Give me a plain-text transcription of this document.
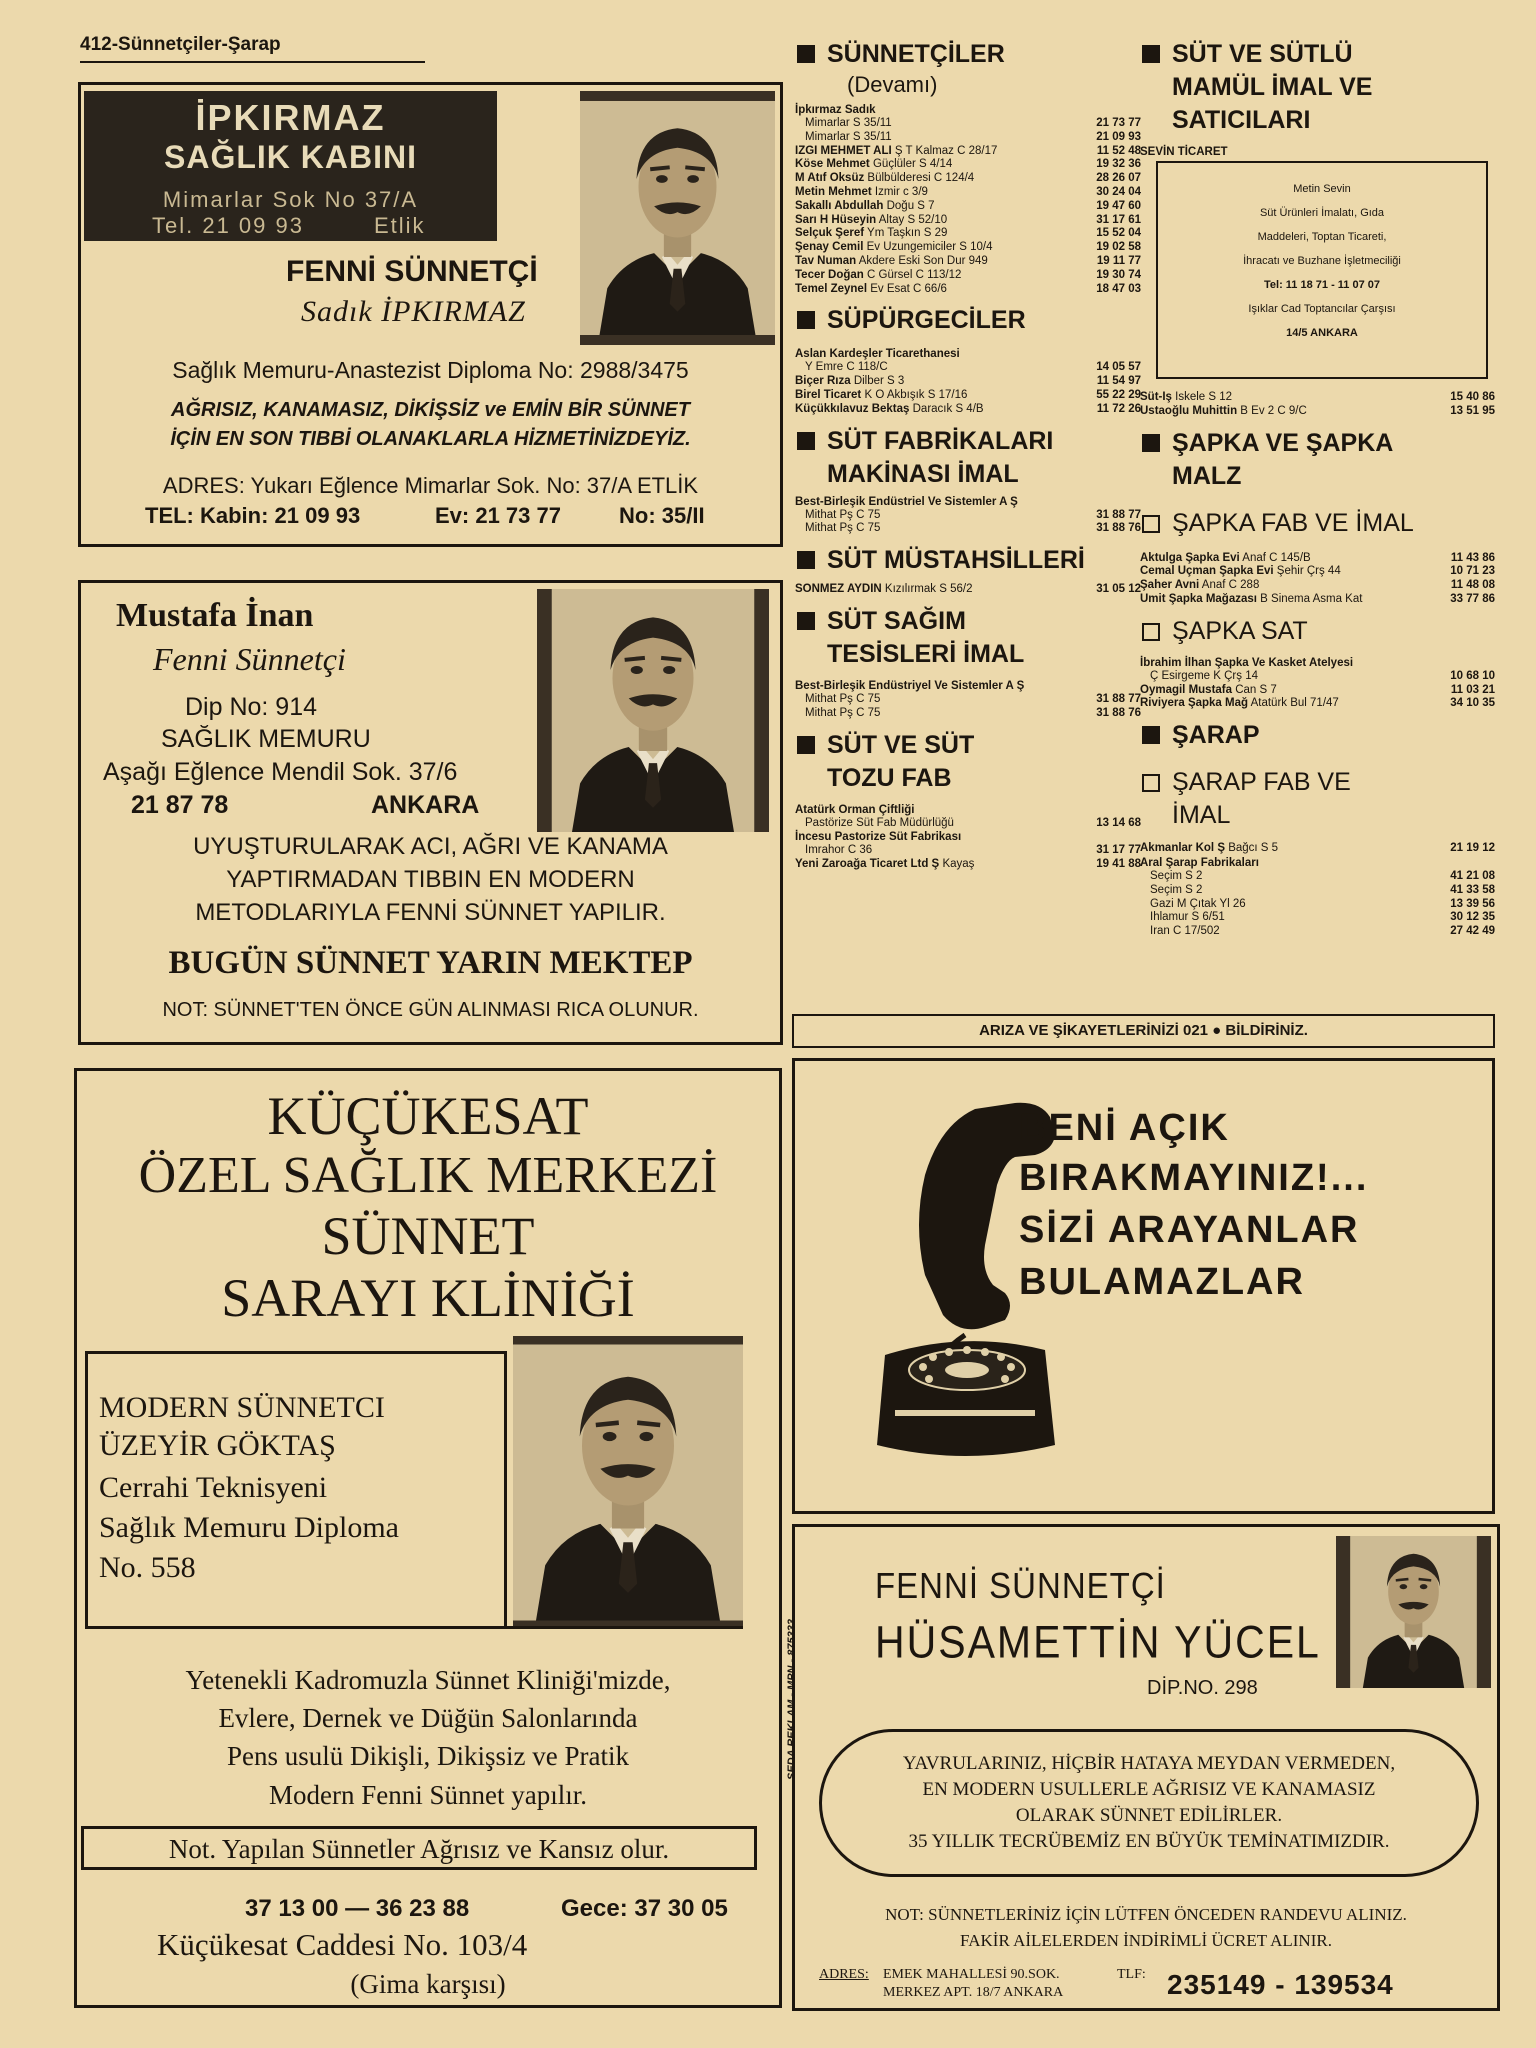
412-Sünnetçiler-Şarap
İPKIRMAZ
SAĞLIK KABINI
Mimarlar Sok No 37/A
Tel. 21 09 93	Etlik
FENNİ SÜNNETÇİ
Sadık İPKIRMAZ
Sağlık Memuru-Anastezist Diploma No: 2988/3475
AĞRISIZ, KANAMASIZ, DİKİŞSİZ ve EMİN BİR SÜNNET
İÇİN EN SON TIBBİ OLANAKLARLA HİZMETİNİZDEYİZ.
ADRES: Yukarı Eğlence Mimarlar Sok. No: 37/A ETLİK
TEL: Kabin: 21 09 93	Ev: 21 73 77	No: 35/II
Mustafa İnan
Fenni Sünnetçi
Dip No: 914
SAĞLIK MEMURU
Aşağı Eğlence Mendil Sok. 37/6
21 87 78	ANKARA
UYUŞTURULARAK ACI, AĞRI VE KANAMA
YAPTIRMADAN TIBBIN EN MODERN
METODLARIYLA FENNİ SÜNNET YAPILIR.
BUGÜN SÜNNET YARIN MEKTEP
NOT: SÜNNET'TEN ÖNCE GÜN ALINMASI RICA OLUNUR.
KÜÇÜKESAT
ÖZEL SAĞLIK MERKEZİ
SÜNNET
SARAYI KLİNİĞİ
MODERN SÜNNETCI
ÜZEYİR GÖKTAŞ
Cerrahi Teknisyeni
Sağlık Memuru Diploma
No. 558
Yetenekli Kadromuzla Sünnet Kliniği'mizde,
Evlere, Dernek ve Düğün Salonlarında
Pens usulü Dikişli, Dikişsiz ve Pratik
Modern Fenni Sünnet yapılır.
Not. Yapılan Sünnetler Ağrısız ve Kansız olur.
37 13 00 — 36 23 88	Gece: 37 30 05
Küçükesat Caddesi No. 103/4
(Gima karşısı)
SÜNNETÇİLER
(Devamı)
İpkırmaz Sadık
Mimarlar S 35/11	21 73 77
Mimarlar S 35/11	21 09 93
İZGİ MEHMET ALİ Ş T Kalmaz C 28/17	11 52 48
Köse Mehmet Güçlüler S 4/14	19 32 36
M Atıf Öksüz Bülbülderesi C 124/4	28 26 07
Metin Mehmet İzmir c 3/9	30 24 04
Sakallı Abdullah Doğu S 7	19 47 60
Sarı H Hüseyin Altay S 52/10	31 17 61
Selçuk Şeref Ym Taşkın S 29	15 52 04
Şenay Cemil Ev Uzungemiciler S 10/4	19 02 58
Tav Numan Akdere Eski Son Dur 949	19 11 77
Tecer Doğan C Gürsel C 113/12	19 30 74
Temel Zeynel Ev Esat C 66/6	18 47 03
SÜPÜRGECİLER
Aslan Kardeşler Ticarethanesi
Y Emre C 118/C	14 05 57
Biçer Rıza Dilber S 3	11 54 97
Birel Ticaret K Ö Akbışık S 17/16	55 22 29
Küçükkılavuz Bektaş Daracık S 4/B	11 72 26
SÜT FABRİKALARI
MAKİNASI İMAL
Best-Birleşik Endüstriel Ve Sistemler A Ş
Mithat Pş C 75	31 88 77
Mithat Pş C 75	31 88 76
SÜT MÜSTAHSİLLERİ
SÖNMEZ AYDIN Kızılırmak S 56/2	31 05 12
SÜT SAĞIM
TESİSLERİ İMAL
Best-Birleşik Endüstriyel Ve Sistemler A Ş
Mithat Pş C 75	31 88 77
Mithat Pş C 75	31 88 76
SÜT VE SÜT
TOZU FAB
Atatürk Orman Çiftliği
Pastörize Süt Fab Müdürlüğü	13 14 68
İncesu Pastorize Süt Fabrikası
İmrahor C 36	31 17 77
Yeni Zaroağa Ticaret Ltd Ş Kayaş	19 41 88
SÜT VE SÜTLÜ
MAMÜL İMAL VE
SATICILARI
SEVİN TİCARET
Metin Sevin
Süt Ürünleri İmalatı, Gıda
Maddeleri, Toptan Ticareti,
İhracatı ve Buzhane İşletmeciliği
Tel: 11 18 71 - 11 07 07
Işıklar Cad Toptancılar Çarşısı
14/5 ANKARA
Süt-İş İskele S 12	15 40 86
Ustaoğlu Muhittin B Ev 2 C 9/C	13 51 95
ŞAPKA VE ŞAPKA
MALZ
ŞAPKA FAB VE İMAL
Aktulga Şapka Evi Anaf C 145/B	11 43 86
Cemal Uçman Şapka Evi Şehir Çrş 44	10 71 23
Şaher Avni Anaf C 288	11 48 08
Ümit Şapka Mağazası B Sinema Asma Kat	33 77 86
ŞAPKA SAT
İbrahim İlhan Şapka Ve Kasket Atelyesi
Ç Esirgeme K Çrş 14	10 68 10
Oymagil Mustafa Can S 7	11 03 21
Riviyera Şapka Mağ Atatürk Bul 71/47	34 10 35
ŞARAP
ŞARAP FAB VE
İMAL
Akmanlar Kol Ş Bağcı S 5	21 19 12
Aral Şarap Fabrikaları
Seçim S 2	41 21 08
Seçim S 2	41 33 58
Gazi M Çıtak Yl 26	13 39 56
İhlamur S 6/51	30 12 35
İran C 17/502	27 42 49
ARIZA VE ŞİKAYETLERİNİZİ 021 ● BİLDİRİNİZ.
BENİ AÇIK
BIRAKMAYINIZ!...
SİZİ ARAYANLAR
BULAMAZLAR
FENNİ SÜNNETÇİ
HÜSAMETTİN YÜCEL
DİP.NO. 298
YAVRULARINIZ, HİÇBİR HATAYA MEYDAN VERMEDEN,
EN MODERN USULLERLE AĞRISIZ VE KANAMASIZ
OLARAK SÜNNET EDİLİRLER.
35 YILLIK TECRÜBEMİZ EN BÜYÜK TEMİNATIMIZDIR.
NOT: SÜNNETLERİNİZ İÇİN LÜTFEN ÖNCEDEN RANDEVU ALINIZ.
FAKİR AİLELERDEN İNDİRİMLİ ÜCRET ALINIR.
ADRES: EMEK MAHALLESİ 90.SOK.
MERKEZ APT. 18/7 ANKARA
TLF: 235149 - 139534
SEDA REKLAM - MPN - 875333
